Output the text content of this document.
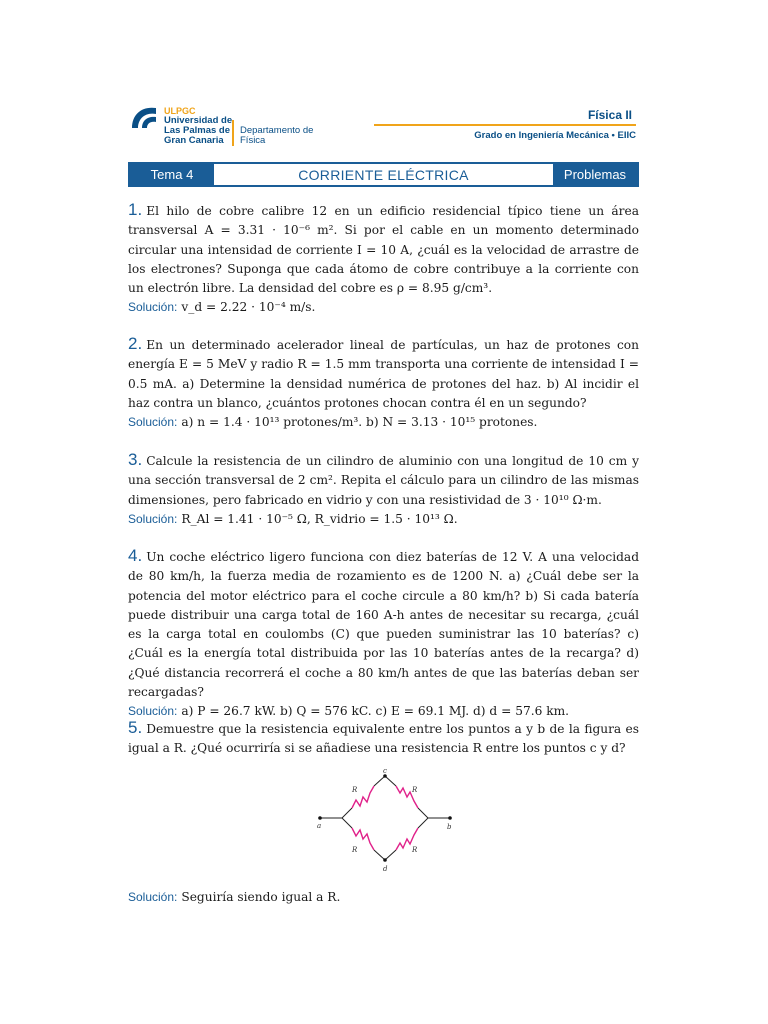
ULPGC
Universidad de
Las Palmas de
Gran Canaria
Departamento de
Física
Física II
Grado en Ingeniería Mecánica • EIIC
Tema 4	CORRIENTE ELÉCTRICA	Problemas
1. El hilo de cobre calibre 12 en un edificio residencial típico tiene un área transversal A = 3.31 · 10⁻⁶ m². Si por el cable en un momento determinado circular una intensidad de corriente I = 10 A, ¿cuál es la velocidad de arrastre de los electrones? Suponga que cada átomo de cobre contribuye a la corriente con un electrón libre. La densidad del cobre es ρ = 8.95 g/cm³.
Solución: v_d = 2.22 · 10⁻⁴ m/s.
2. En un determinado acelerador lineal de partículas, un haz de protones con energía E = 5 MeV y radio R = 1.5 mm transporta una corriente de intensidad I = 0.5 mA. a) Determine la densidad numérica de protones del haz. b) Al incidir el haz contra un blanco, ¿cuántos protones chocan contra él en un segundo?
Solución: a) n = 1.4 · 10¹³ protones/m³. b) N = 3.13 · 10¹⁵ protones.
3. Calcule la resistencia de un cilindro de aluminio con una longitud de 10 cm y una sección transversal de 2 cm². Repita el cálculo para un cilindro de las mismas dimensiones, pero fabricado en vidrio y con una resistividad de 3 · 10¹⁰ Ω·m.
Solución: R_Al = 1.41 · 10⁻⁵ Ω, R_vidrio = 1.5 · 10¹³ Ω.
4. Un coche eléctrico ligero funciona con diez baterías de 12 V. A una velocidad de 80 km/h, la fuerza media de rozamiento es de 1200 N. a) ¿Cuál debe ser la potencia del motor eléctrico para el coche circule a 80 km/h? b) Si cada batería puede distribuir una carga total de 160 A-h antes de necesitar su recarga, ¿cuál es la carga total en coulombs (C) que pueden suministrar las 10 baterías? c) ¿Cuál es la energía total distribuida por las 10 baterías antes de la recarga? d) ¿Qué distancia recorrerá el coche a 80 km/h antes de que las baterías deban ser recargadas?
Solución: a) P = 26.7 kW. b) Q = 576 kC. c) E = 69.1 MJ. d) d = 57.6 km.
5. Demuestre que la resistencia equivalente entre los puntos a y b de la figura es igual a R. ¿Qué ocurriría si se añadiese una resistencia R entre los puntos c y d?
a	b
c
d
R	R
R	R
Solución: Seguiría siendo igual a R.
